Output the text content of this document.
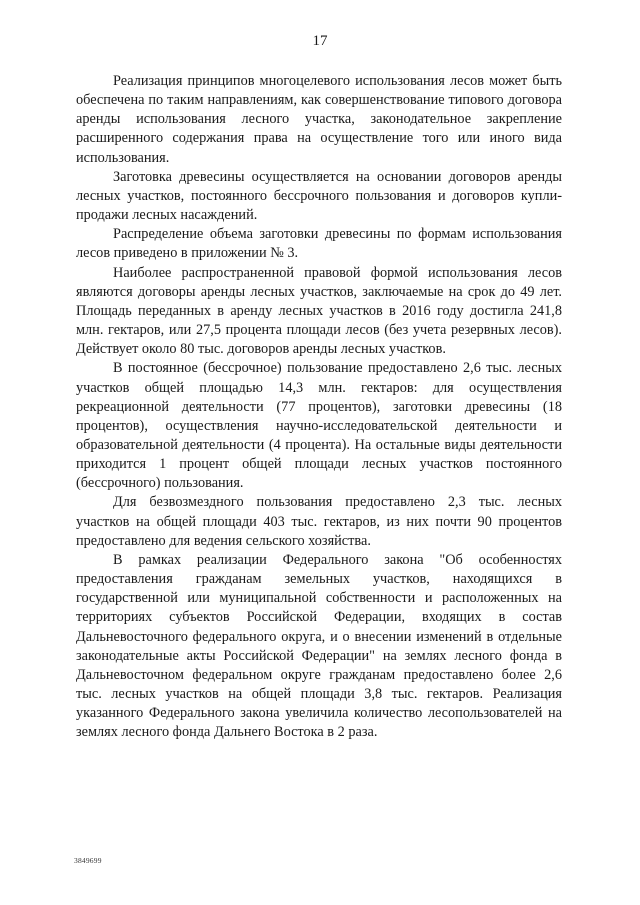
17

Реализация принципов многоцелевого использования лесов может быть обеспечена по таким направлениям, как совершенствование типового договора аренды использования лесного участка, законодательное закрепление расширенного содержания права на осуществление того или иного вида использования.

Заготовка древесины осуществляется на основании договоров аренды лесных участков, постоянного бессрочного пользования и договоров купли-продажи лесных насаждений.

Распределение объема заготовки древесины по формам использования лесов приведено в приложении № 3.

Наиболее распространенной правовой формой использования лесов являются договоры аренды лесных участков, заключаемые на срок до 49 лет. Площадь переданных в аренду лесных участков в 2016 году достигла 241,8 млн. гектаров, или 27,5 процента площади лесов (без учета резервных лесов). Действует около 80 тыс. договоров аренды лесных участков.

В постоянное (бессрочное) пользование предоставлено 2,6 тыс. лесных участков общей площадью 14,3 млн. гектаров: для осуществления рекреационной деятельности (77 процентов), заготовки древесины (18 процентов), осуществления научно-исследовательской деятельности и образовательной деятельности (4 процента). На остальные виды деятельности приходится 1 процент общей площади лесных участков постоянного (бессрочного) пользования.

Для безвозмездного пользования предоставлено 2,3 тыс. лесных участков на общей площади 403 тыс. гектаров, из них почти 90 процентов предоставлено для ведения сельского хозяйства.

В рамках реализации Федерального закона "Об особенностях предоставления гражданам земельных участков, находящихся в государственной или муниципальной собственности и расположенных на территориях субъектов Российской Федерации, входящих в состав Дальневосточного федерального округа, и о внесении изменений в отдельные законодательные акты Российской Федерации" на землях лесного фонда в Дальневосточном федеральном округе гражданам предоставлено более 2,6 тыс. лесных участков на общей площади 3,8 тыс. гектаров. Реализация указанного Федерального закона увеличила количество лесопользователей на землях лесного фонда Дальнего Востока в 2 раза.

3849699
